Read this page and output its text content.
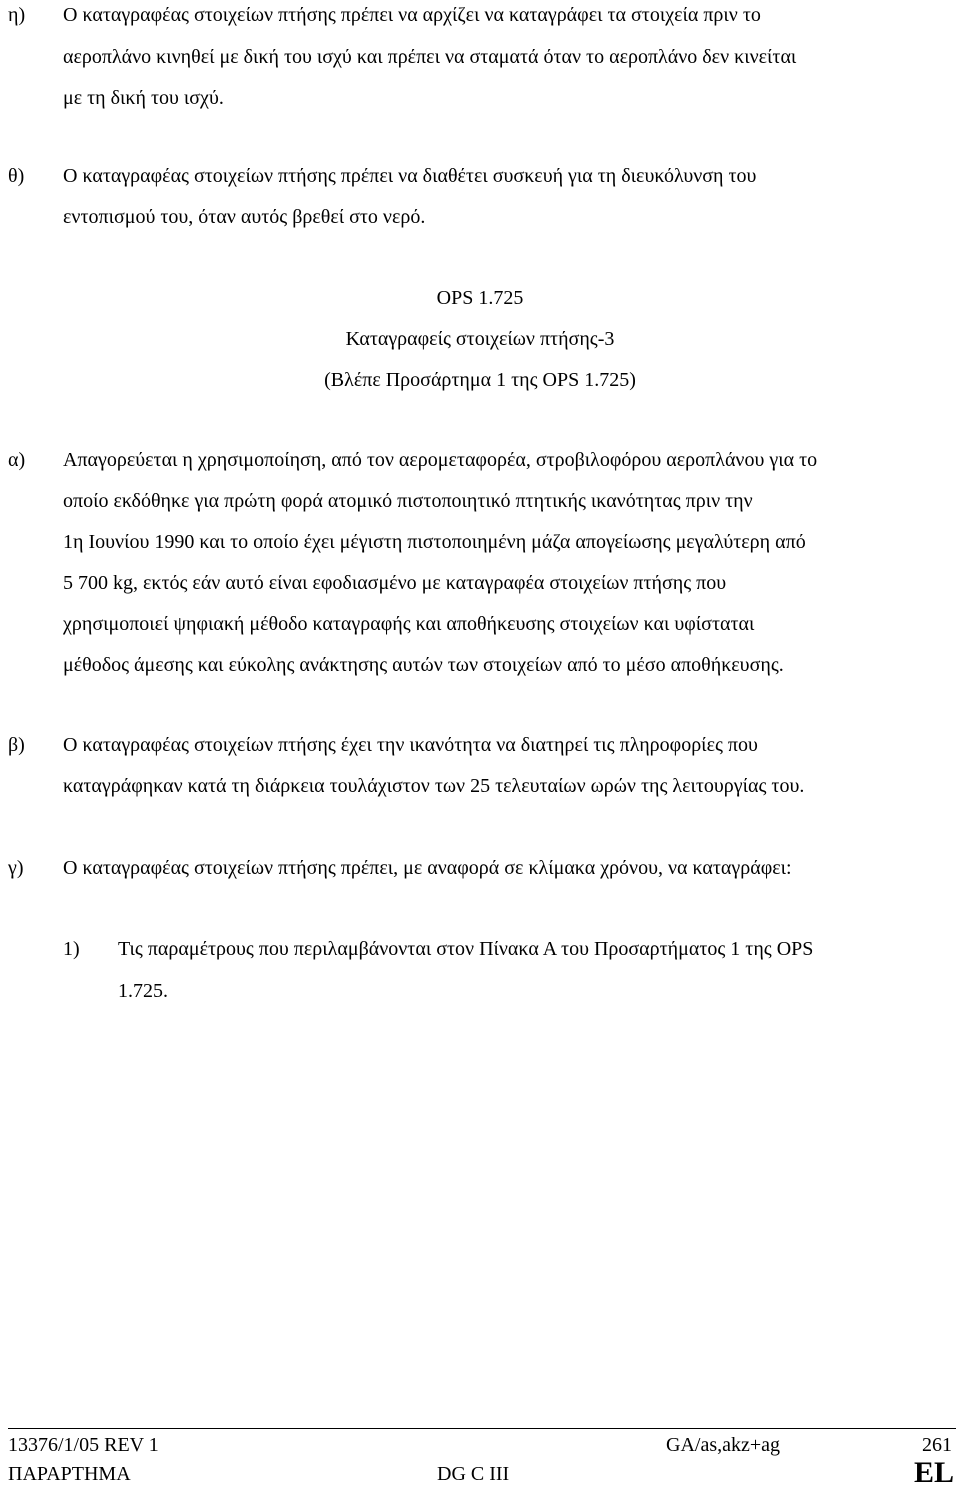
η) Ο καταγραφέας στοιχείων πτήσης πρέπει να αρχίζει να καταγράφει τα στοιχεία πριν το
αεροπλάνο κινηθεί με δική του ισχύ και πρέπει να σταματά όταν το αεροπλάνο δεν κινείται
με τη δική του ισχύ.
θ) Ο καταγραφέας στοιχείων πτήσης πρέπει να διαθέτει συσκευή για τη διευκόλυνση του
εντοπισμού του, όταν αυτός βρεθεί στο νερό.
OPS 1.725
Καταγραφείς στοιχείων πτήσης-3
(Βλέπε Προσάρτημα 1 της OPS 1.725)
α) Απαγορεύεται η χρησιμοποίηση, από τον αερομεταφορέα, στροβιλοφόρου αεροπλάνου για το
οποίο εκδόθηκε για πρώτη φορά ατομικό πιστοποιητικό πτητικής ικανότητας πριν την
1η Ιουνίου 1990 και το οποίο έχει μέγιστη πιστοποιημένη μάζα απογείωσης μεγαλύτερη από
5 700 kg, εκτός εάν αυτό είναι εφοδιασμένο με καταγραφέα στοιχείων πτήσης που
χρησιμοποιεί ψηφιακή μέθοδο καταγραφής και αποθήκευσης στοιχείων και υφίσταται
μέθοδος άμεσης και εύκολης ανάκτησης αυτών των στοιχείων από το μέσο αποθήκευσης.
β) Ο καταγραφέας στοιχείων πτήσης έχει την ικανότητα να διατηρεί τις πληροφορίες που
καταγράφηκαν κατά τη διάρκεια τουλάχιστον των 25 τελευταίων ωρών της λειτουργίας του.
γ) Ο καταγραφέας στοιχείων πτήσης πρέπει, με αναφορά σε κλίμακα χρόνου, να καταγράφει:
1) Τις παραμέτρους που περιλαμβάνονται στον Πίνακα Α του Προσαρτήματος 1 της OPS
1.725.
13376/1/05 REV 1	GA/as,akz+ag	261
ΠΑΡΑΡΤΗΜΑ	DG C III	EL
